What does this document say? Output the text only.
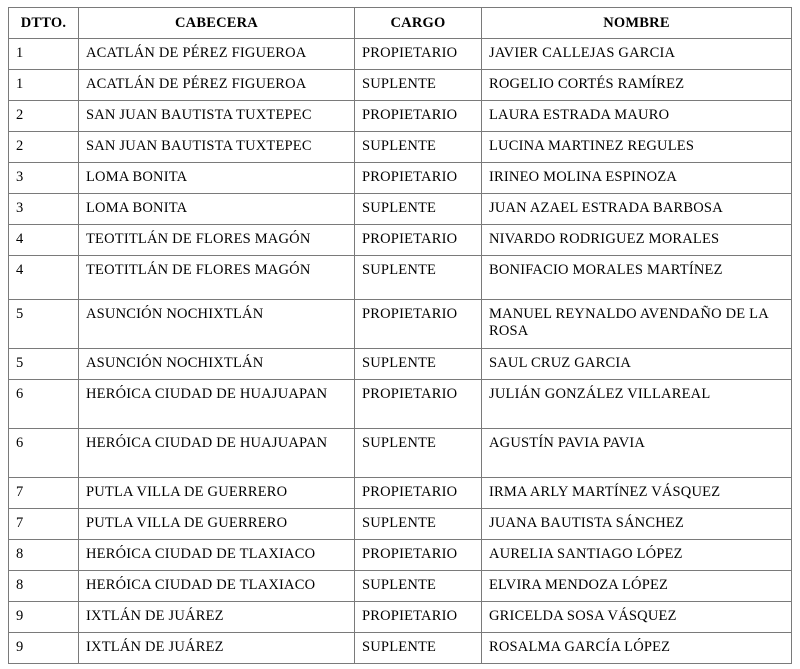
DTTO.	CABECERA	CARGO	NOMBRE
1	ACATLÁN DE PÉREZ FIGUEROA	PROPIETARIO	JAVIER CALLEJAS GARCIA
1	ACATLÁN DE PÉREZ FIGUEROA	SUPLENTE	ROGELIO CORTÉS RAMÍREZ
2	SAN JUAN BAUTISTA TUXTEPEC	PROPIETARIO	LAURA ESTRADA MAURO
2	SAN JUAN BAUTISTA TUXTEPEC	SUPLENTE	LUCINA MARTINEZ REGULES
3	LOMA BONITA	PROPIETARIO	IRINEO MOLINA ESPINOZA
3	LOMA BONITA	SUPLENTE	JUAN AZAEL ESTRADA BARBOSA
4	TEOTITLÁN DE FLORES MAGÓN	PROPIETARIO	NIVARDO RODRIGUEZ MORALES
4	TEOTITLÁN DE FLORES MAGÓN	SUPLENTE	BONIFACIO MORALES MARTÍNEZ
5	ASUNCIÓN NOCHIXTLÁN	PROPIETARIO	MANUEL REYNALDO AVENDAÑO DE LA ROSA
5	ASUNCIÓN NOCHIXTLÁN	SUPLENTE	SAUL CRUZ GARCIA
6	HERÓICA CIUDAD DE HUAJUAPAN	PROPIETARIO	JULIÁN GONZÁLEZ VILLAREAL
6	HERÓICA CIUDAD DE HUAJUAPAN	SUPLENTE	AGUSTÍN PAVIA PAVIA
7	PUTLA VILLA DE GUERRERO	PROPIETARIO	IRMA ARLY MARTÍNEZ VÁSQUEZ
7	PUTLA VILLA DE GUERRERO	SUPLENTE	JUANA BAUTISTA SÁNCHEZ
8	HERÓICA CIUDAD DE TLAXIACO	PROPIETARIO	AURELIA SANTIAGO LÓPEZ
8	HERÓICA CIUDAD DE TLAXIACO	SUPLENTE	ELVIRA MENDOZA LÓPEZ
9	IXTLÁN DE JUÁREZ	PROPIETARIO	GRICELDA SOSA VÁSQUEZ
9	IXTLÁN DE JUÁREZ	SUPLENTE	ROSALMA GARCÍA LÓPEZ
